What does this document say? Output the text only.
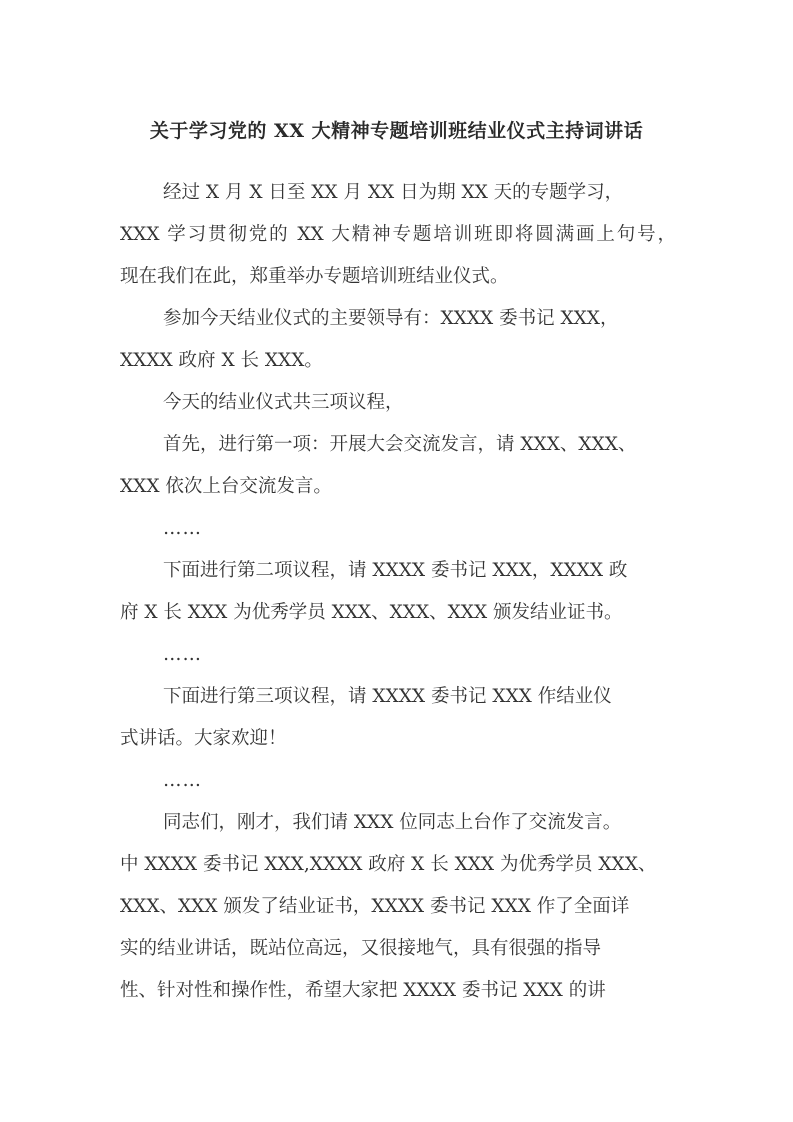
关于学习党的 XX 大精神专题培训班结业仪式主持词讲话
经过 X 月 X 日至 XX 月 XX 日为期 XX 天的专题学习，
XXX 学习贯彻党的 XX 大精神专题培训班即将圆满画上句号，
现在我们在此，郑重举办专题培训班结业仪式。
参加今天结业仪式的主要领导有：XXXX 委书记 XXX，
XXXX 政府 X 长 XXX。
今天的结业仪式共三项议程，
首先，进行第一项：开展大会交流发言，请 XXX、XXX、
XXX 依次上台交流发言。
……
下面进行第二项议程，请 XXXX 委书记 XXX，XXXX 政
府 X 长 XXX 为优秀学员 XXX、XXX、XXX 颁发结业证书。
……
下面进行第三项议程，请 XXXX 委书记 XXX 作结业仪
式讲话。大家欢迎！
……
同志们，刚才，我们请 XXX 位同志上台作了交流发言。
中 XXXX 委书记 XXX,XXXX 政府 X 长 XXX 为优秀学员 XXX、
XXX、XXX 颁发了结业证书，XXXX 委书记 XXX 作了全面详
实的结业讲话，既站位高远，又很接地气，具有很强的指导
性、针对性和操作性，希望大家把 XXXX 委书记 XXX 的讲
